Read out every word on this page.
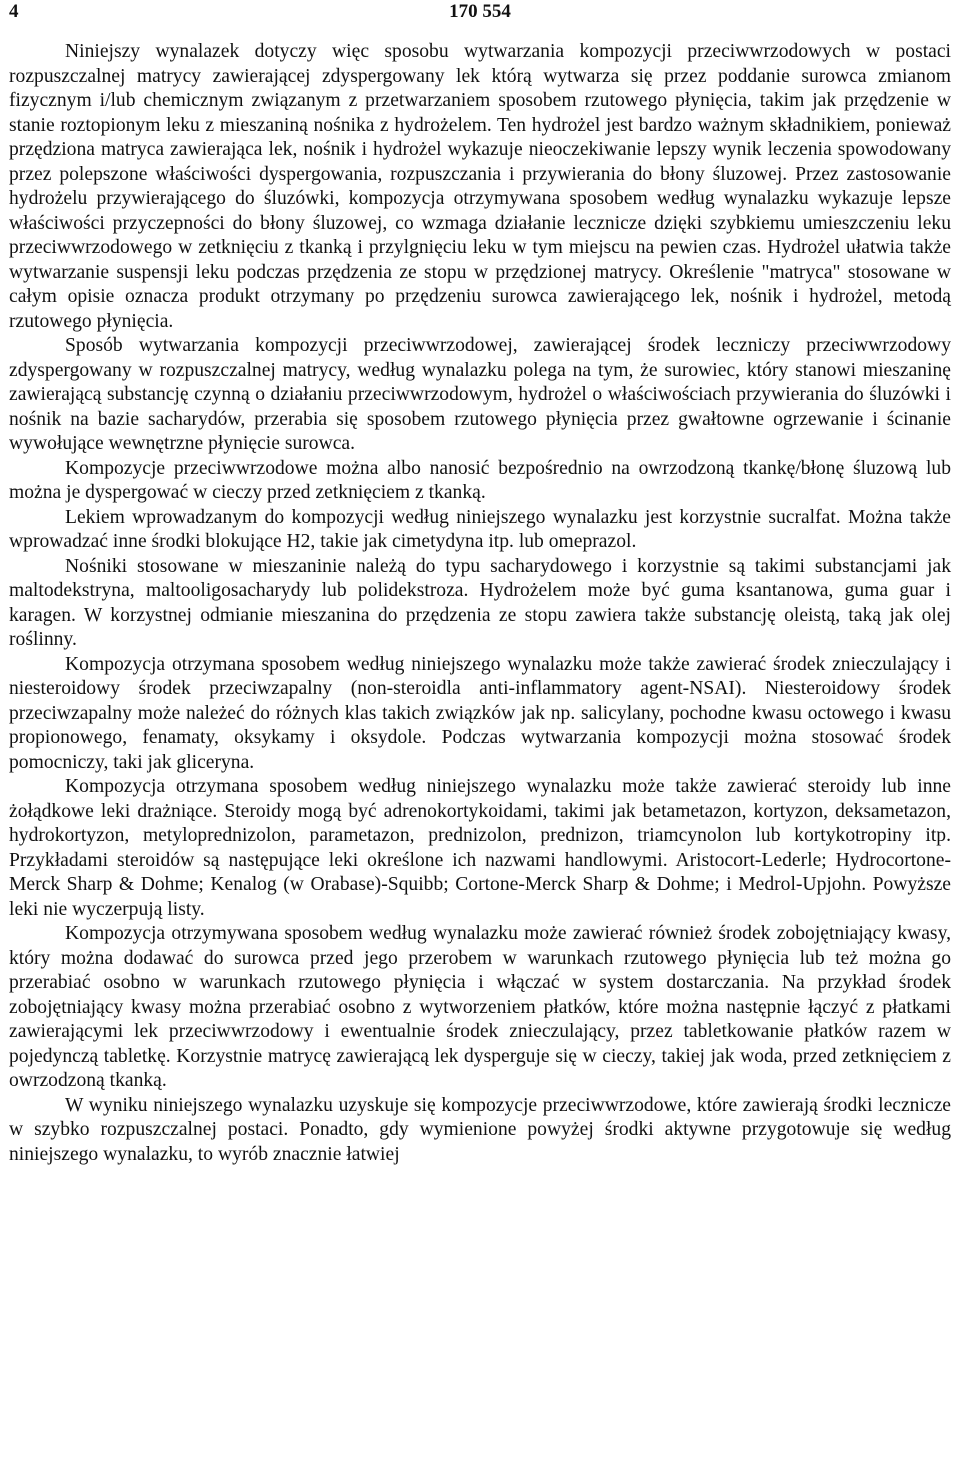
4	170 554

Niniejszy wynalazek dotyczy więc sposobu wytwarzania kompozycji przeciwwrzodowych w postaci rozpuszczalnej matrycy zawierającej zdyspergowany lek którą wytwarza się przez poddanie surowca zmianom fizycznym i/lub chemicznym związanym z przetwarzaniem sposobem rzutowego płynięcia, takim jak przędzenie w stanie roztopionym leku z mieszaniną nośnika z hydrożelem. Ten hydrożel jest bardzo ważnym składnikiem, ponieważ przędziona matryca zawierająca lek, nośnik i hydrożel wykazuje nieoczekiwanie lepszy wynik leczenia spowodowany przez polepszone właściwości dyspergowania, rozpuszczania i przywierania do błony śluzowej. Przez zastosowanie hydrożelu przywierającego do śluzówki, kompozycja otrzymywana sposobem według wynalazku wykazuje lepsze właściwości przyczepności do błony śluzowej, co wzmaga działanie lecznicze dzięki szybkiemu umieszczeniu leku przeciwwrzodowego w zetknięciu z tkanką i przylgnięciu leku w tym miejscu na pewien czas. Hydrożel ułatwia także wytwarzanie suspensji leku podczas przędzenia ze stopu w przędzionej matrycy. Określenie "matryca" stosowane w całym opisie oznacza produkt otrzymany po przędzeniu surowca zawierającego lek, nośnik i hydrożel, metodą rzutowego płynięcia.

Sposób wytwarzania kompozycji przeciwwrzodowej, zawierającej środek leczniczy przeciwwrzodowy zdyspergowany w rozpuszczalnej matrycy, według wynalazku polega na tym, że surowiec, który stanowi mieszaninę zawierającą substancję czynną o działaniu przeciwwrzodowym, hydrożel o właściwościach przywierania do śluzówki i nośnik na bazie sacharydów, przerabia się sposobem rzutowego płynięcia przez gwałtowne ogrzewanie i ścinanie wywołujące wewnętrzne płynięcie surowca.

Kompozycje przeciwwrzodowe można albo nanosić bezpośrednio na owrzodzoną tkankę/błonę śluzową lub można je dyspergować w cieczy przed zetknięciem z tkanką.

Lekiem wprowadzanym do kompozycji według niniejszego wynalazku jest korzystnie sucralfat. Można także wprowadzać inne środki blokujące H2, takie jak cimetydyna itp. lub omeprazol.

Nośniki stosowane w mieszaninie należą do typu sacharydowego i korzystnie są takimi substancjami jak maltodekstryna, maltooligosacharydy lub polidekstroza. Hydrożelem może być guma ksantanowa, guma guar i karagen. W korzystnej odmianie mieszanina do przędzenia ze stopu zawiera także substancję oleistą, taką jak olej roślinny.

Kompozycja otrzymana sposobem według niniejszego wynalazku może także zawierać środek znieczulający i niesteroidowy środek przeciwzapalny (non-steroidla anti-inflammatory agent-NSAI). Niesteroidowy środek przeciwzapalny może należeć do różnych klas takich związków jak np. salicylany, pochodne kwasu octowego i kwasu propionowego, fenamaty, oksykamy i oksydole. Podczas wytwarzania kompozycji można stosować środek pomocniczy, taki jak gliceryna.

Kompozycja otrzymana sposobem według niniejszego wynalazku może także zawierać steroidy lub inne żołądkowe leki drażniące. Steroidy mogą być adrenokortykoidami, takimi jak betametazon, kortyzon, deksametazon, hydrokortyzon, metyloprednizolon, parametazon, prednizolon, prednizon, triamcynolon lub kortykotropiny itp. Przykładami steroidów są następujące leki określone ich nazwami handlowymi. Aristocort-Lederle; Hydrocortone-Merck Sharp & Dohme; Kenalog (w Orabase)-Squibb; Cortone-Merck Sharp & Dohme; i Medrol-Upjohn. Powyższe leki nie wyczerpują listy.

Kompozycja otrzymywana sposobem według wynalazku może zawierać również środek zobojętniający kwasy, który można dodawać do surowca przed jego przerobem w warunkach rzutowego płynięcia lub też można go przerabiać osobno w warunkach rzutowego płynięcia i włączać w system dostarczania. Na przykład środek zobojętniający kwasy można przerabiać osobno z wytworzeniem płatków, które można następnie łączyć z płatkami zawierającymi lek przeciwwrzodowy i ewentualnie środek znieczulający, przez tabletkowanie płatków razem w pojedynczą tabletkę. Korzystnie matrycę zawierającą lek dysperguje się w cieczy, takiej jak woda, przed zetknięciem z owrzodzoną tkanką.

W wyniku niniejszego wynalazku uzyskuje się kompozycje przeciwwrzodowe, które zawierają środki lecznicze w szybko rozpuszczalnej postaci. Ponadto, gdy wymienione powyżej środki aktywne przygotowuje się według niniejszego wynalazku, to wyrób znacznie łatwiej
